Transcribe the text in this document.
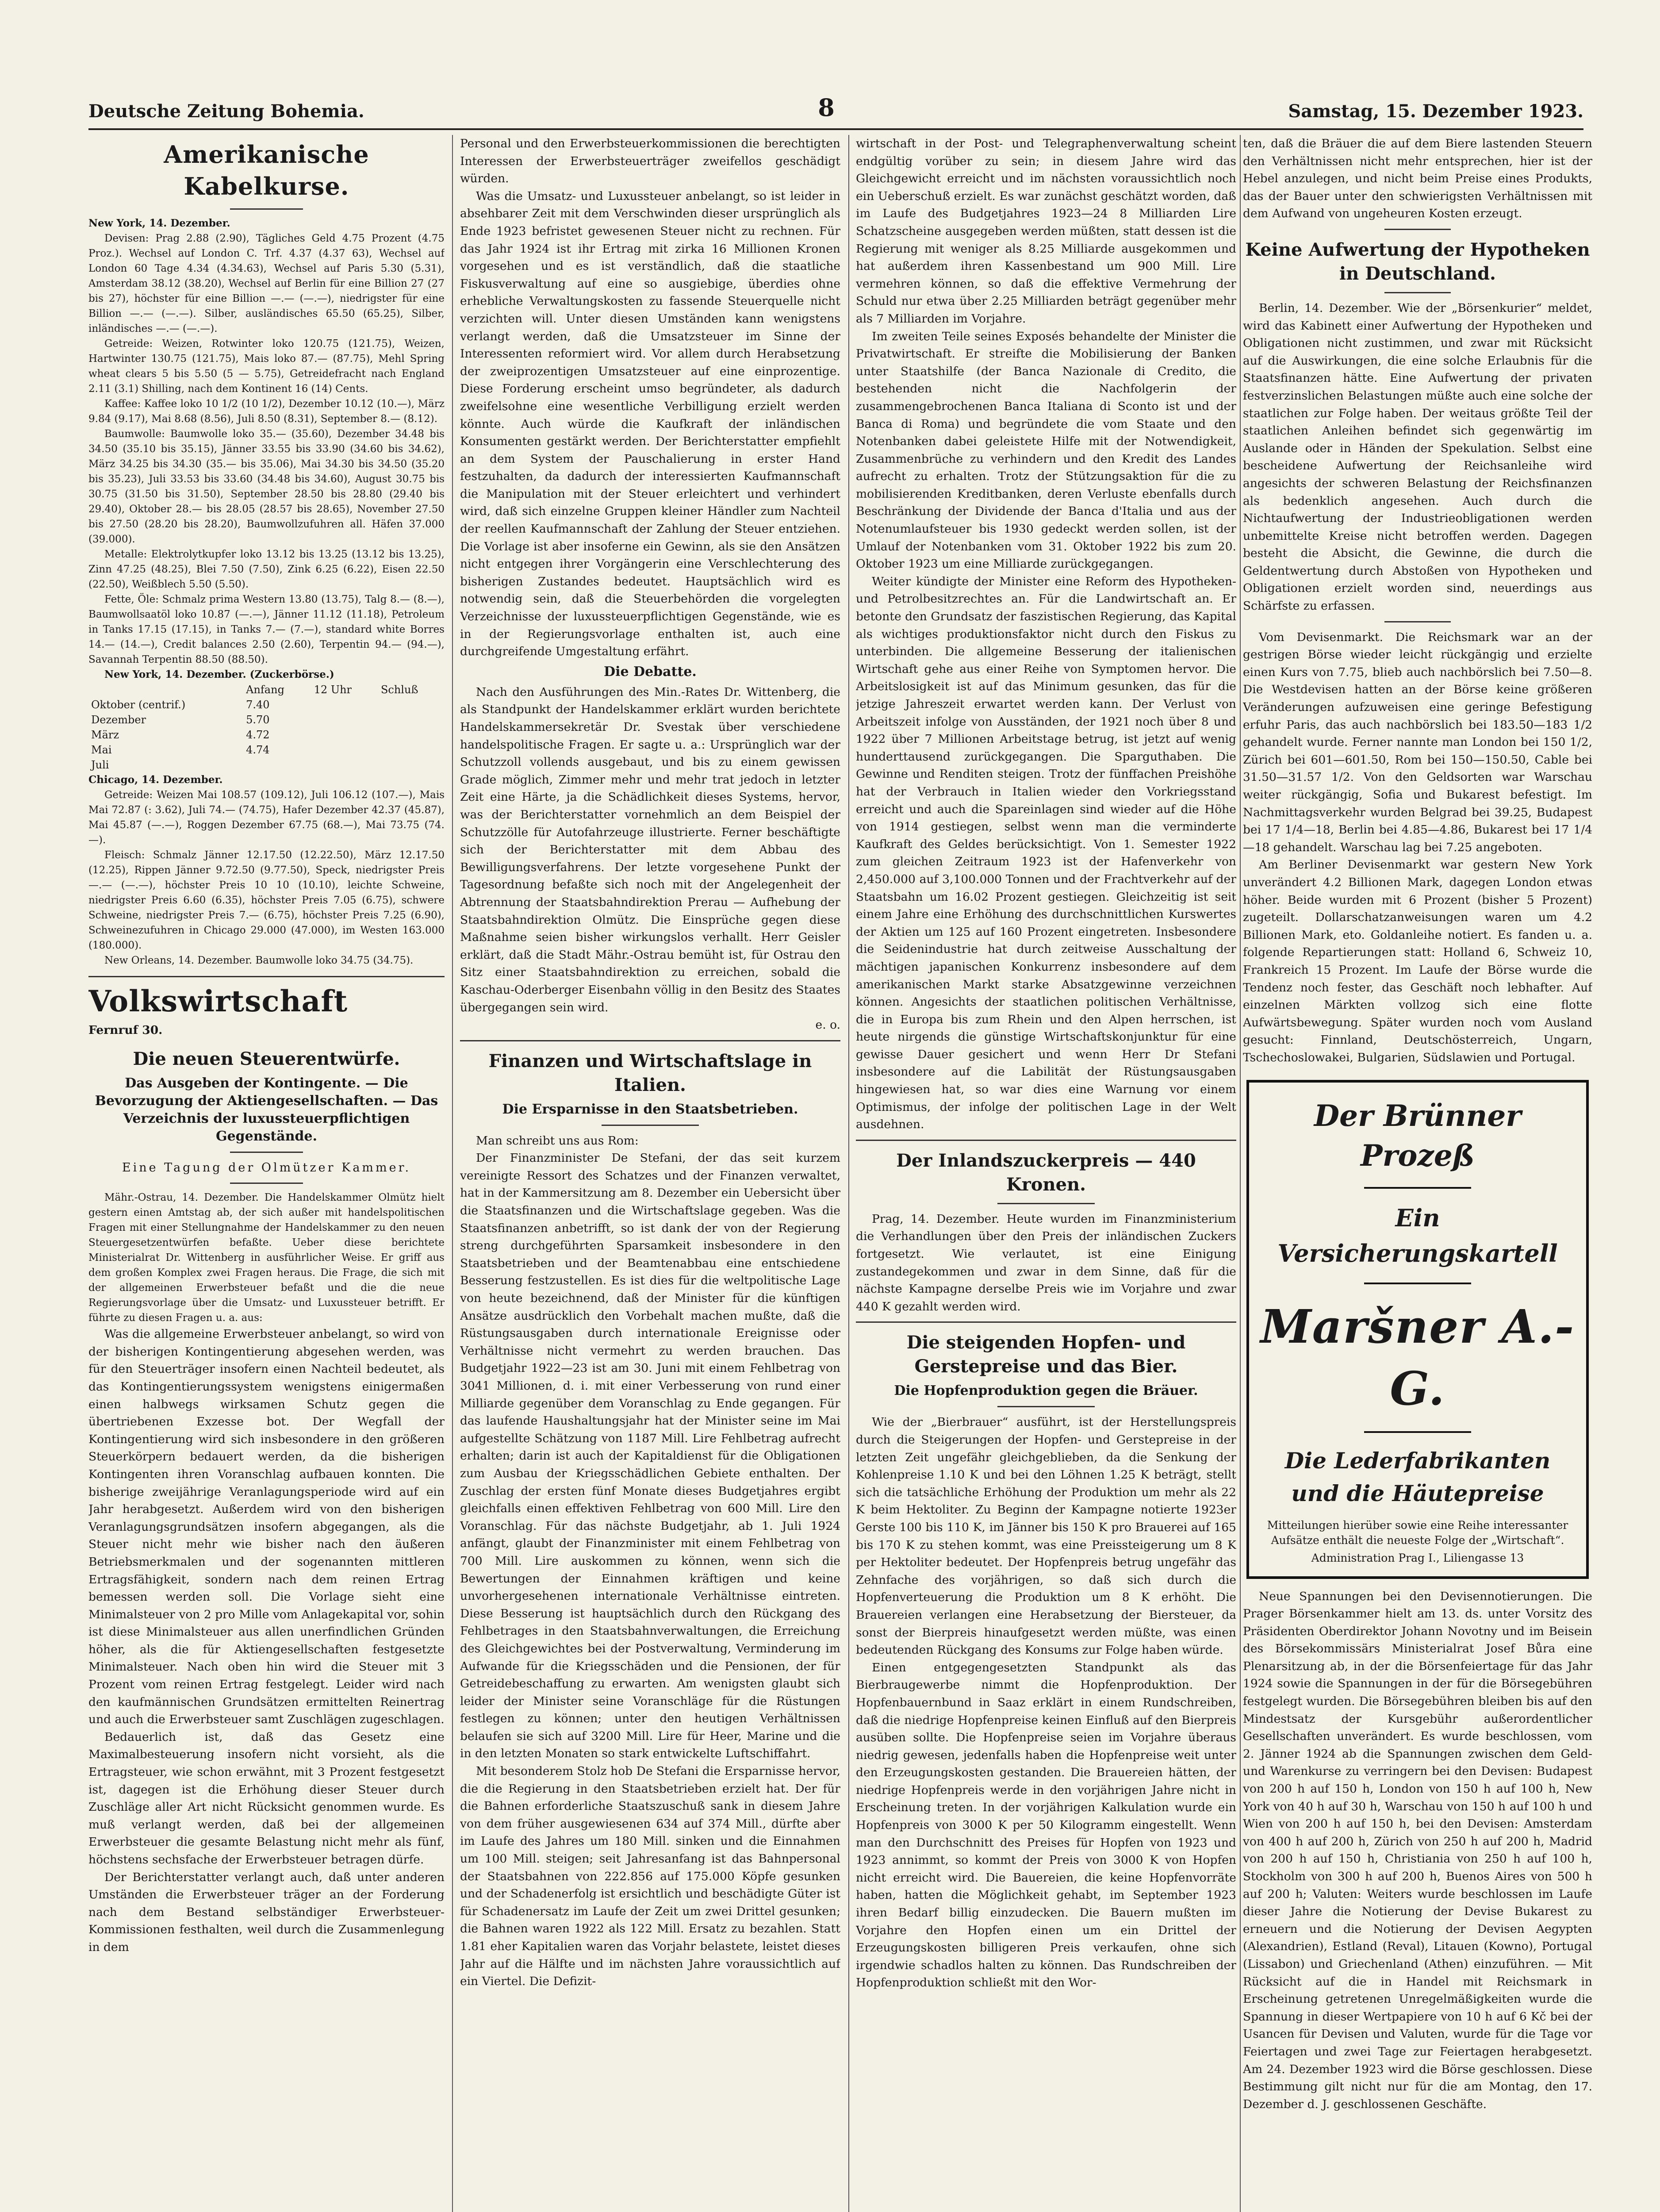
Deutsche Zeitung Bohemia.	8	Samstag, 15. Dezember 1923.
Amerikanische Kabelkurse.

New York, 14. Dezember.

Devisen: Prag 2.88 (2.90), Tägliches Geld 4.75 Prozent (4.75 Proz.). Wechsel auf London C. Trf. 4.37 (4.37 63), Wechsel auf London 60 Tage 4.34 (4.34.63), Wechsel auf Paris 5.30 (5.31), Amsterdam 38.12 (38.20), Wechsel auf Berlin für eine Billion 27 (27 bis 27), höchster für eine Billion —.— (—.—), niedrigster für eine Billion —.— (—.—). Silber, ausländisches 65.50 (65.25), Silber, inländisches —.— (—.—).

Getreide: Weizen, Rotwinter loko 120.75 (121.75), Weizen, Hartwinter 130.75 (121.75), Mais loko 87.— (87.75), Mehl Spring wheat clears 5 bis 5.50 (5 — 5.75), Getreidefracht nach England 2.11 (3.1) Shilling, nach dem Kontinent 16 (14) Cents.

Kaffee: Kaffee loko 10 1/2 (10 1/2), Dezember 10.12 (10.—), März 9.84 (9.17), Mai 8.68 (8.56), Juli 8.50 (8.31), September 8.— (8.12).

Baumwolle: Baumwolle loko 35.— (35.60), Dezember 34.48 bis 34.50 (35.10 bis 35.15), Jänner 33.55 bis 33.90 (34.60 bis 34.62), März 34.25 bis 34.30 (35.— bis 35.06), Mai 34.30 bis 34.50 (35.20 bis 35.23), Juli 33.53 bis 33.60 (34.48 bis 34.60), August 30.75 bis 30.75 (31.50 bis 31.50), September 28.50 bis 28.80 (29.40 bis 29.40), Oktober 28.— bis 28.05 (28.57 bis 28.65), November 27.50 bis 27.50 (28.20 bis 28.20), Baumwollzufuhren all. Häfen 37.000 (39.000).

Metalle: Elektrolytkupfer loko 13.12 bis 13.25 (13.12 bis 13.25), Zinn 47.25 (48.25), Blei 7.50 (7.50), Zink 6.25 (6.22), Eisen 22.50 (22.50), Weißblech 5.50 (5.50).

Fette, Öle: Schmalz prima Western 13.80 (13.75), Talg 8.— (8.—), Baumwollsaatöl loko 10.87 (—.—), Jänner 11.12 (11.18), Petroleum in Tanks 17.15 (17.15), in Tanks 7.— (7.—), standard white Borres 14.— (14.—), Credit balances 2.50 (2.60), Terpentin 94.— (94.—), Savannah Terpentin 88.50 (88.50).

New York, 14. Dezember. (Zuckerbörse.)

	Anfang	12 Uhr	Schluß
Oktober (centrif.)	7.40		
Dezember	5.70		
März	4.72		
Mai	4.74		
Juli			

Chicago, 14. Dezember.

Getreide: Weizen Mai 108.57 (109.12), Juli 106.12 (107.—), Mais Mai 72.87 (: 3.62), Juli 74.— (74.75), Hafer Dezember 42.37 (45.87), Mai 45.87 (—.—), Roggen Dezember 67.75 (68.—), Mai 73.75 (74.—).

Fleisch: Schmalz Jänner 12.17.50 (12.22.50), März 12.17.50 (12.25), Rippen Jänner 9.72.50 (9.77.50), Speck, niedrigster Preis —.— (—.—), höchster Preis 10 10 (10.10), leichte Schweine, niedrigster Preis 6.60 (6.35), höchster Preis 7.05 (6.75), schwere Schweine, niedrigster Preis 7.— (6.75), höchster Preis 7.25 (6.90), Schweinezufuhren in Chicago 29.000 (47.000), im Westen 163.000 (180.000).

New Orleans, 14. Dezember. Baumwolle loko 34.75 (34.75).

Volkswirtschaft

Fernruf 30.

Die neuen Steuerentwürfe.
Das Ausgeben der Kontingente. — Die Bevorzugung der Aktiengesellschaften. — Das Verzeichnis der luxussteuerpflichtigen Gegenstände.
Eine Tagung der Olmützer Kammer.

Mähr.-Ostrau, 14. Dezember. Die Handelskammer Olmütz hielt gestern einen Amtstag ab, der sich außer mit handelspolitischen Fragen mit einer Stellungnahme der Handelskammer zu den neuen Steuergesetzentwürfen befaßte. Ueber diese berichtete Ministerialrat Dr. Wittenberg in ausführlicher Weise. Er griff aus dem großen Komplex zwei Fragen heraus. Die Frage, die sich mit der allgemeinen Erwerbsteuer befaßt und die die neue Regierungsvorlage über die Umsatz- und Luxussteuer betrifft. Er führte zu diesen Fragen u. a. aus:

Was die allgemeine Erwerbsteuer anbelangt, so wird von der bisherigen Kontingentierung abgesehen werden, was für den Steuerträger insofern einen Nachteil bedeutet, als das Kontingentierungssystem wenigstens einigermaßen einen halbwegs wirksamen Schutz gegen die übertriebenen Exzesse bot. Der Wegfall der Kontingentierung wird sich insbesondere in den größeren Steuerkörpern bedauert werden, da die bisherigen Kontingenten ihren Voranschlag aufbauen konnten. Die bisherige zweijährige Veranlagungsperiode wird auf ein Jahr herabgesetzt. Außerdem wird von den bisherigen Veranlagungsgrundsätzen insofern abgegangen, als die Steuer nicht mehr wie bisher nach den äußeren Betriebsmerkmalen und der sogenannten mittleren Ertragsfähigkeit, sondern nach dem reinen Ertrag bemessen werden soll. Die Vorlage sieht eine Minimalsteuer von 2 pro Mille vom Anlagekapital vor, sohin ist diese Minimalsteuer aus allen unerfindlichen Gründen höher, als die für Aktiengesellschaften festgesetzte Minimalsteuer. Nach oben hin wird die Steuer mit 3 Prozent vom reinen Ertrag festgelegt. Leider wird nach den kaufmännischen Grundsätzen ermittelten Reinertrag und auch die Erwerbsteuer samt Zuschlägen zugeschlagen.

Bedauerlich ist, daß das Gesetz eine Maximalbesteuerung insofern nicht vorsieht, als die Ertragsteuer, wie schon erwähnt, mit 3 Prozent festgesetzt ist, dagegen ist die Erhöhung dieser Steuer durch Zuschläge aller Art nicht Rücksicht genommen wurde. Es muß verlangt werden, daß bei der allgemeinen Erwerbsteuer die gesamte Belastung nicht mehr als fünf, höchstens sechsfache der Erwerbsteuer betragen dürfe.

Der Berichterstatter verlangt auch, daß unter anderen Umständen die Erwerbsteuer träger an der Forderung nach dem Bestand selbständiger Erwerbsteuer-Kommissionen festhalten, weil durch die Zusammenlegung in dem

Personal und den Erwerbsteuerkommissionen die berechtigten Interessen der Erwerbsteuerträger zweifellos geschädigt würden.

Was die Umsatz- und Luxussteuer anbelangt, so ist leider in absehbarer Zeit mit dem Verschwinden dieser ursprünglich als Ende 1923 befristet gewesenen Steuer nicht zu rechnen. Für das Jahr 1924 ist ihr Ertrag mit zirka 16 Millionen Kronen vorgesehen und es ist verständlich, daß die staatliche Fiskusverwaltung auf eine so ausgiebige, überdies ohne erhebliche Verwaltungskosten zu fassende Steuerquelle nicht verzichten will. Unter diesen Umständen kann wenigstens verlangt werden, daß die Umsatzsteuer im Sinne der Interessenten reformiert wird. Vor allem durch Herabsetzung der zweiprozentigen Umsatzsteuer auf eine einprozentige. Diese Forderung erscheint umso begründeter, als dadurch zweifelsohne eine wesentliche Verbilligung erzielt werden könnte. Auch würde die Kaufkraft der inländischen Konsumenten gestärkt werden. Der Berichterstatter empfiehlt an dem System der Pauschalierung in erster Hand festzuhalten, da dadurch der interessierten Kaufmannschaft die Manipulation mit der Steuer erleichtert und verhindert wird, daß sich einzelne Gruppen kleiner Händler zum Nachteil der reellen Kaufmannschaft der Zahlung der Steuer entziehen. Die Vorlage ist aber insoferne ein Gewinn, als sie den Ansätzen nicht entgegen ihrer Vorgängerin eine Verschlechterung des bisherigen Zustandes bedeutet. Hauptsächlich wird es notwendig sein, daß die Steuerbehörden die vorgelegten Verzeichnisse der luxussteuerpflichtigen Gegenstände, wie es in der Regierungsvorlage enthalten ist, auch eine durchgreifende Umgestaltung erfährt.

Die Debatte.

Nach den Ausführungen des Min.-Rates Dr. Wittenberg, die als Standpunkt der Handelskammer erklärt wurden berichtete Handelskammersekretär Dr. Svestak über verschiedene handelspolitische Fragen. Er sagte u. a.: Ursprünglich war der Schutzzoll vollends ausgebaut, und bis zu einem gewissen Grade möglich, Zimmer mehr und mehr trat jedoch in letzter Zeit eine Härte, ja die Schädlichkeit dieses Systems, hervor, was der Berichterstatter vornehmlich an dem Beispiel der Schutzzölle für Autofahrzeuge illustrierte. Ferner beschäftigte sich der Berichterstatter mit dem Abbau des Bewilligungsverfahrens. Der letzte vorgesehene Punkt der Tagesordnung befaßte sich noch mit der Angelegenheit der Abtrennung der Staatsbahndirektion Prerau — Aufhebung der Staatsbahndirektion Olmütz. Die Einsprüche gegen diese Maßnahme seien bisher wirkungslos verhallt. Herr Geisler erklärt, daß die Stadt Mähr.-Ostrau bemüht ist, für Ostrau den Sitz einer Staatsbahndirektion zu erreichen, sobald die Kaschau-Oderberger Eisenbahn völlig in den Besitz des Staates übergegangen sein wird.

e. o.

Finanzen und Wirtschaftslage in Italien.
Die Ersparnisse in den Staatsbetrieben.

Man schreibt uns aus Rom:

Der Finanzminister De Stefani, der das seit kurzem vereinigte Ressort des Schatzes und der Finanzen verwaltet, hat in der Kammersitzung am 8. Dezember ein Uebersicht über die Staatsfinanzen und die Wirtschaftslage gegeben. Was die Staatsfinanzen anbetrifft, so ist dank der von der Regierung streng durchgeführten Sparsamkeit insbesondere in den Staatsbetrieben und der Beamtenabbau eine entschiedene Besserung festzustellen. Es ist dies für die weltpolitische Lage von heute bezeichnend, daß der Minister für die künftigen Ansätze ausdrücklich den Vorbehalt machen mußte, daß die Rüstungsausgaben durch internationale Ereignisse oder Verhältnisse nicht vermehrt zu werden brauchen. Das Budgetjahr 1922—23 ist am 30. Juni mit einem Fehlbetrag von 3041 Millionen, d. i. mit einer Verbesserung von rund einer Milliarde gegenüber dem Voranschlag zu Ende gegangen. Für das laufende Haushaltungsjahr hat der Minister seine im Mai aufgestellte Schätzung von 1187 Mill. Lire Fehlbetrag aufrecht erhalten; darin ist auch der Kapitaldienst für die Obligationen zum Ausbau der Kriegsschädlichen Gebiete enthalten. Der Zuschlag der ersten fünf Monate dieses Budgetjahres ergibt gleichfalls einen effektiven Fehlbetrag von 600 Mill. Lire den Voranschlag. Für das nächste Budgetjahr, ab 1. Juli 1924 anfängt, glaubt der Finanzminister mit einem Fehlbetrag von 700 Mill. Lire auskommen zu können, wenn sich die Bewertungen der Einnahmen kräftigen und keine unvorhergesehenen internationale Verhältnisse eintreten. Diese Besserung ist hauptsächlich durch den Rückgang des Fehlbetrages in den Staatsbahnverwaltungen, die Erreichung des Gleichgewichtes bei der Postverwaltung, Verminderung im Aufwande für die Kriegsschäden und die Pensionen, der für Getreidebeschaffung zu erwarten. Am wenigsten glaubt sich leider der Minister seine Voranschläge für die Rüstungen festlegen zu können; unter den heutigen Verhältnissen belaufen sie sich auf 3200 Mill. Lire für Heer, Marine und die in den letzten Monaten so stark entwickelte Luftschiffahrt.

Mit besonderem Stolz hob De Stefani die Ersparnisse hervor, die die Regierung in den Staatsbetrieben erzielt hat. Der für die Bahnen erforderliche Staatszuschuß sank in diesem Jahre von dem früher ausgewiesenen 634 auf 374 Mill., dürfte aber im Laufe des Jahres um 180 Mill. sinken und die Einnahmen um 100 Mill. steigen; seit Jahresanfang ist das Bahnpersonal der Staatsbahnen von 222.856 auf 175.000 Köpfe gesunken und der Schadenerfolg ist ersichtlich und beschädigte Güter ist für Schadenersatz im Laufe der Zeit um zwei Drittel gesunken; die Bahnen waren 1922 als 122 Mill. Ersatz zu bezahlen. Statt 1.81 eher Kapitalien waren das Vorjahr belastete, leistet dieses Jahr auf die Hälfte und im nächsten Jahre voraussichtlich auf ein Viertel. Die Defizit-

wirtschaft in der Post- und Telegraphenverwaltung scheint endgültig vorüber zu sein; in diesem Jahre wird das Gleichgewicht erreicht und im nächsten voraussichtlich noch ein Ueberschuß erzielt. Es war zunächst geschätzt worden, daß im Laufe des Budgetjahres 1923—24 8 Milliarden Lire Schatzscheine ausgegeben werden müßten, statt dessen ist die Regierung mit weniger als 8.25 Milliarde ausgekommen und hat außerdem ihren Kassenbestand um 900 Mill. Lire vermehren können, so daß die effektive Vermehrung der Schuld nur etwa über 2.25 Milliarden beträgt gegenüber mehr als 7 Milliarden im Vorjahre.

Im zweiten Teile seines Exposés behandelte der Minister die Privatwirtschaft. Er streifte die Mobilisierung der Banken unter Staatshilfe (der Banca Nazionale di Credito, die bestehenden nicht die Nachfolgerin der zusammengebrochenen Banca Italiana di Sconto ist und der Banca di Roma) und begründete die vom Staate und den Notenbanken dabei geleistete Hilfe mit der Notwendigkeit, Zusammenbrüche zu verhindern und den Kredit des Landes aufrecht zu erhalten. Trotz der Stützungsaktion für die zu mobilisierenden Kreditbanken, deren Verluste ebenfalls durch Beschränkung der Dividende der Banca d'Italia und aus der Notenumlaufsteuer bis 1930 gedeckt werden sollen, ist der Umlauf der Notenbanken vom 31. Oktober 1922 bis zum 20. Oktober 1923 um eine Milliarde zurückgegangen.

Weiter kündigte der Minister eine Reform des Hypotheken- und Petrolbesitzrechtes an. Für die Landwirtschaft an. Er betonte den Grundsatz der faszistischen Regierung, das Kapital als wichtiges produktionsfaktor nicht durch den Fiskus zu unterbinden. Die allgemeine Besserung der italienischen Wirtschaft gehe aus einer Reihe von Symptomen hervor. Die Arbeitslosigkeit ist auf das Minimum gesunken, das für die jetzige Jahreszeit erwartet werden kann. Der Verlust von Arbeitszeit infolge von Ausständen, der 1921 noch über 8 und 1922 über 7 Millionen Arbeitstage betrug, ist jetzt auf wenig hunderttausend zurückgegangen. Die Sparguthaben. Die Gewinne und Renditen steigen. Trotz der fünffachen Preishöhe hat der Verbrauch in Italien wieder den Vorkriegsstand erreicht und auch die Spareinlagen sind wieder auf die Höhe von 1914 gestiegen, selbst wenn man die verminderte Kaufkraft des Geldes berücksichtigt. Von 1. Semester 1922 zum gleichen Zeitraum 1923 ist der Hafenverkehr von 2,450.000 auf 3,100.000 Tonnen und der Frachtverkehr auf der Staatsbahn um 16.02 Prozent gestiegen. Gleichzeitig ist seit einem Jahre eine Erhöhung des durchschnittlichen Kurswertes der Aktien um 125 auf 160 Prozent eingetreten. Insbesondere die Seidenindustrie hat durch zeitweise Ausschaltung der mächtigen japanischen Konkurrenz insbesondere auf dem amerikanischen Markt starke Absatzgewinne verzeichnen können. Angesichts der staatlichen politischen Verhältnisse, die in Europa bis zum Rhein und den Alpen herrschen, ist heute nirgends die günstige Wirtschaftskonjunktur für eine gewisse Dauer gesichert und wenn Herr Dr Stefani insbesondere auf die Labilität der Rüstungsausgaben hingewiesen hat, so war dies eine Warnung vor einem Optimismus, der infolge der politischen Lage in der Welt ausdehnen.

Der Inlandszuckerpreis — 440 Kronen.

Prag, 14. Dezember. Heute wurden im Finanzministerium die Verhandlungen über den Preis der inländischen Zuckers fortgesetzt. Wie verlautet, ist eine Einigung zustandegekommen und zwar in dem Sinne, daß für die nächste Kampagne derselbe Preis wie im Vorjahre und zwar 440 K gezahlt werden wird.

Die steigenden Hopfen- und Gerstepreise und das Bier.
Die Hopfenproduktion gegen die Bräuer.

Wie der „Bierbrauer“ ausführt, ist der Herstellungspreis durch die Steigerungen der Hopfen- und Gerstepreise in der letzten Zeit ungefähr gleichgeblieben, da die Senkung der Kohlenpreise 1.10 K und bei den Löhnen 1.25 K beträgt, stellt sich die tatsächliche Erhöhung der Produktion um mehr als 22 K beim Hektoliter. Zu Beginn der Kampagne notierte 1923er Gerste 100 bis 110 K, im Jänner bis 150 K pro Brauerei auf 165 bis 170 K zu stehen kommt, was eine Preissteigerung um 8 K per Hektoliter bedeutet. Der Hopfenpreis betrug ungefähr das Zehnfache des vorjährigen, so daß sich durch die Hopfenverteuerung die Produktion um 8 K erhöht. Die Brauereien verlangen eine Herabsetzung der Biersteuer, da sonst der Bierpreis hinaufgesetzt werden müßte, was einen bedeutenden Rückgang des Konsums zur Folge haben würde.

Einen entgegengesetzten Standpunkt als das Bierbraugewerbe nimmt die Hopfenproduktion. Der Hopfenbauernbund in Saaz erklärt in einem Rundschreiben, daß die niedrige Hopfenpreise keinen Einfluß auf den Bierpreis ausüben sollte. Die Hopfenpreise seien im Vorjahre überaus niedrig gewesen, jedenfalls haben die Hopfenpreise weit unter den Erzeugungskosten gestanden. Die Brauereien hätten, der niedrige Hopfenpreis werde in den vorjährigen Jahre nicht in Erscheinung treten. In der vorjährigen Kalkulation wurde ein Hopfenpreis von 3000 K per 50 Kilogramm eingestellt. Wenn man den Durchschnitt des Preises für Hopfen von 1923 und 1923 annimmt, so kommt der Preis von 3000 K von Hopfen nicht erreicht wird. Die Bauereien, die keine Hopfenvorräte haben, hatten die Möglichkeit gehabt, im September 1923 ihren Bedarf billig einzudecken. Die Bauern mußten im Vorjahre den Hopfen einen um ein Drittel der Erzeugungskosten billigeren Preis verkaufen, ohne sich irgendwie schadlos halten zu können. Das Rundschreiben der Hopfenproduktion schließt mit den Wor-

ten, daß die Bräuer die auf dem Biere lastenden Steuern den Verhältnissen nicht mehr entsprechen, hier ist der Hebel anzulegen, und nicht beim Preise eines Produkts, das der Bauer unter den schwierigsten Verhältnissen mit dem Aufwand von ungeheuren Kosten erzeugt.

Keine Aufwertung der Hypotheken in Deutschland.

Berlin, 14. Dezember. Wie der „Börsenkurier“ meldet, wird das Kabinett einer Aufwertung der Hypotheken und Obligationen nicht zustimmen, und zwar mit Rücksicht auf die Auswirkungen, die eine solche Erlaubnis für die Staatsfinanzen hätte. Eine Aufwertung der privaten festverzinslichen Belastungen müßte auch eine solche der staatlichen zur Folge haben. Der weitaus größte Teil der staatlichen Anleihen befindet sich gegenwärtig im Auslande oder in Händen der Spekulation. Selbst eine bescheidene Aufwertung der Reichsanleihe wird angesichts der schweren Belastung der Reichsfinanzen als bedenklich angesehen. Auch durch die Nichtaufwertung der Industrieobligationen werden unbemittelte Kreise nicht betroffen werden. Dagegen besteht die Absicht, die Gewinne, die durch die Geldentwertung durch Abstoßen von Hypotheken und Obligationen erzielt worden sind, neuerdings aus Schärfste zu erfassen.

Vom Devisenmarkt. Die Reichsmark war an der gestrigen Börse wieder leicht rückgängig und erzielte einen Kurs von 7.75, blieb auch nachbörslich bei 7.50—8. Die Westdevisen hatten an der Börse keine größeren Veränderungen aufzuweisen eine geringe Befestigung erfuhr Paris, das auch nachbörslich bei 183.50—183 1/2 gehandelt wurde. Ferner nannte man London bei 150 1/2, Zürich bei 601—601.50, Rom bei 150—150.50, Cable bei 31.50—31.57 1/2. Von den Geldsorten war Warschau weiter rückgängig, Sofia und Bukarest befestigt. Im Nachmittagsverkehr wurden Belgrad bei 39.25, Budapest bei 17 1/4—18, Berlin bei 4.85—4.86, Bukarest bei 17 1/4—18 gehandelt. Warschau lag bei 7.25 angeboten.

Am Berliner Devisenmarkt war gestern New York unverändert 4.2 Billionen Mark, dagegen London etwas höher. Beide wurden mit 6 Prozent (bisher 5 Prozent) zugeteilt. Dollarschatzanweisungen waren um 4.2 Billionen Mark, eto. Goldanleihe notiert. Es fanden u. a. folgende Repartierungen statt: Holland 6, Schweiz 10, Frankreich 15 Prozent. Im Laufe der Börse wurde die Tendenz noch fester, das Geschäft noch lebhafter. Auf einzelnen Märkten vollzog sich eine flotte Aufwärtsbewegung. Später wurden noch vom Ausland gesucht: Finnland, Deutschösterreich, Ungarn, Tschechoslowakei, Bulgarien, Südslawien und Portugal.

Der Brünner Prozeß
Ein Versicherungskartell
Maršner A.-G.
Die Lederfabrikanten und die Häutepreise
Mitteilungen hierüber sowie eine Reihe interessanter Aufsätze enthält die neueste Folge der „Wirtschaft“.
Administration Prag I., Liliengasse 13

Neue Spannungen bei den Devisennotierungen. Die Prager Börsenkammer hielt am 13. ds. unter Vorsitz des Präsidenten Oberdirektor Johann Novotny und im Beisein des Börsekommissärs Ministerialrat Josef Bůra eine Plenarsitzung ab, in der die Börsenfeiertage für das Jahr 1924 sowie die Spannungen in der für die Börsegebühren festgelegt wurden. Die Börsegebühren bleiben bis auf den Mindestsatz der Kursgebühr außerordentlicher Gesellschaften unverändert. Es wurde beschlossen, vom 2. Jänner 1924 ab die Spannungen zwischen dem Geld- und Warenkurse zu verringern bei den Devisen: Budapest von 200 h auf 150 h, London von 150 h auf 100 h, New York von 40 h auf 30 h, Warschau von 150 h auf 100 h und Wien von 200 h auf 150 h, bei den Devisen: Amsterdam von 400 h auf 200 h, Zürich von 250 h auf 200 h, Madrid von 200 h auf 150 h, Christiania von 250 h auf 100 h, Stockholm von 300 h auf 200 h, Buenos Aires von 500 h auf 200 h; Valuten: Weiters wurde beschlossen im Laufe dieser Jahre die Notierung der Devise Bukarest zu erneuern und die Notierung der Devisen Aegypten (Alexandrien), Estland (Reval), Litauen (Kowno), Portugal (Lissabon) und Griechenland (Athen) einzuführen. — Mit Rücksicht auf die in Handel mit Reichsmark in Erscheinung getretenen Unregelmäßigkeiten wurde die Spannung in dieser Wertpapiere von 10 h auf 6 Kč bei der Usancen für Devisen und Valuten, wurde für die Tage vor Feiertagen und zwei Tage zur Feiertagen herabgesetzt. Am 24. Dezember 1923 wird die Börse geschlossen. Diese Bestimmung gilt nicht nur für die am Montag, den 17. Dezember d. J. geschlossenen Geschäfte.
